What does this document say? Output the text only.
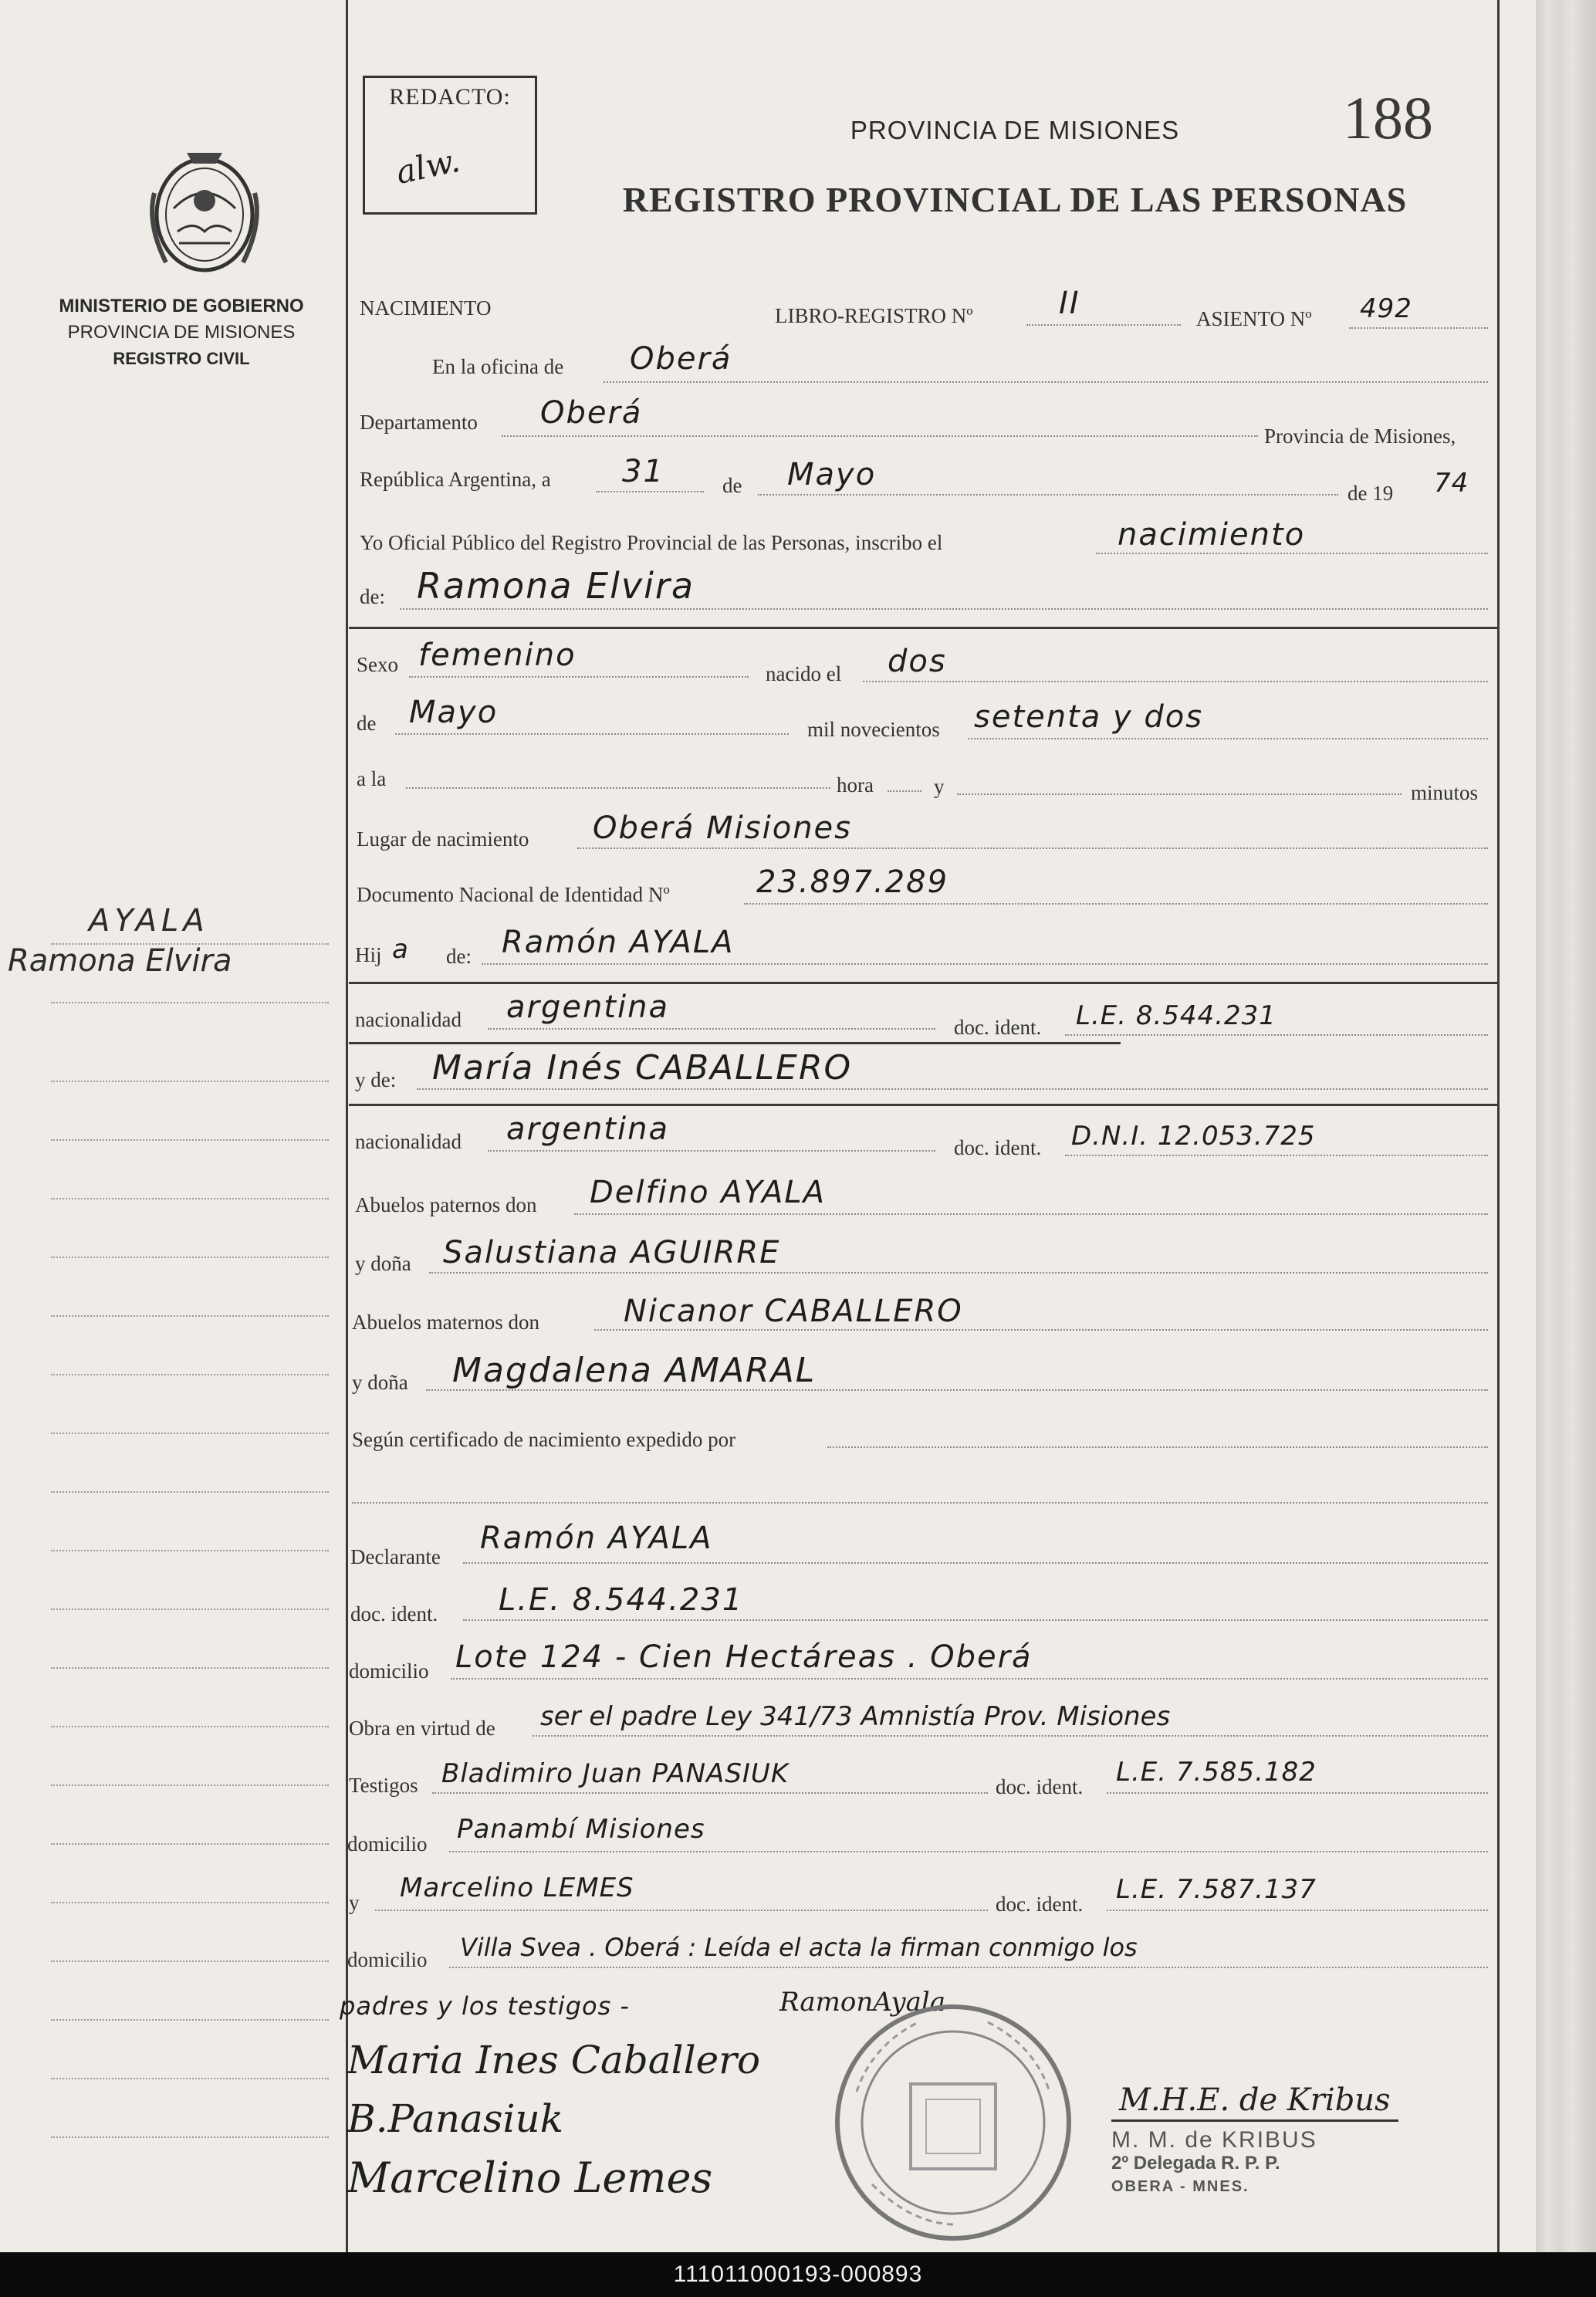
REDACTO:
alw.
PROVINCIA DE MISIONES
REGISTRO PROVINCIAL DE LAS PERSONAS
188
MINISTERIO DE GOBIERNO
PROVINCIA DE MISIONES
REGISTRO CIVIL
AYALA
Ramona Elvira
NACIMIENTO	LIBRO-REGISTRO Nº	II	ASIENTO Nº 492
En la oficina de Oberá
Departamento Oberá
Provincia de Misiones,
República Argentina, a 31	de Mayo
de 19 74
Yo Oficial Público del Registro Provincial de las Personas, inscribo el	nacimiento
de: Ramona Elvira
Sexo femenino
nacido el dos
de Mayo	mil novecientos setenta y dos
a la	hora	y	minutos
Lugar de nacimiento Oberá Misiones
Documento Nacional de Identidad Nº	23.897.289
Hij a de: Ramón AYALA
nacionalidad argentina
doc. ident. L.E. 8.544.231
y de: María Inés CABALLERO
nacionalidad argentina
doc. ident. D.N.I. 12.053.725
Abuelos paternos don Delfino AYALA
y doña Salustiana AGUIRRE
Abuelos maternos don	Nicanor CABALLERO
y doña Magdalena AMARAL
Según certificado de nacimiento expedido por
Declarante
Ramón AYALA
doc. ident. L.E. 8.544.231
domicilio Lote 124 - Cien Hectáreas . Oberá
Obra en virtud de ser el padre Ley 341/73 Amnistía Prov. Misiones
Testigos Bladimiro Juan PANASIUK	doc. ident. L.E. 7.585.182
domicilio Panambí Misiones
y Marcelino LEMES
doc. ident. L.E. 7.587.137
domicilio Villa Svea . Oberá : Leída el acta la firman conmigo los
padres y los testigos -	RamonAyala
Maria Ines Caballero
B.Panasiuk
Marcelino Lemes
M.H.E. de Kribus
M. M. de KRIBUS
2º Delegada R. P. P.
OBERA - MNES.
111011000193-000893
